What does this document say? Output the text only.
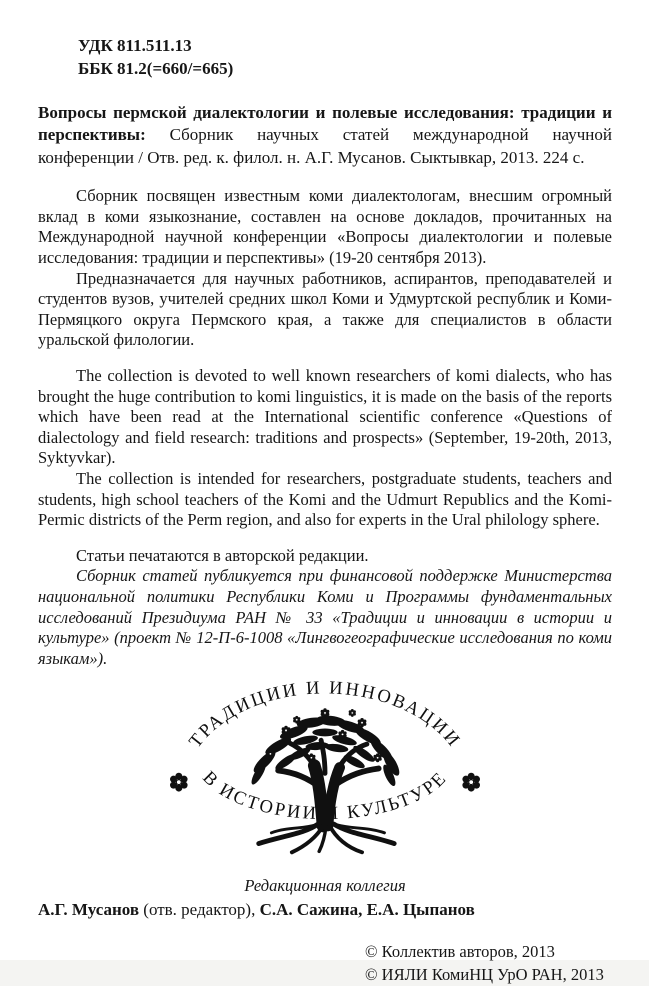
УДК 811.511.13
ББК 81.2(=660/=665)

Вопросы пермской диалектологии и полевые исследования: традиции и перспективы: Сборник научных статей международной научной конференции / Отв. ред. к. филол. н. А.Г. Мусанов. Сыктывкар, 2013. 224 с.

Сборник посвящен известным коми диалектологам, внесшим огромный вклад в коми языкознание, составлен на основе докладов, прочитанных на Международной научной конференции «Вопросы диалектологии и полевые исследования: традиции и перспективы» (19-20 сентября 2013).

Предназначается для научных работников, аспирантов, преподавателей и студентов вузов, учителей средних школ Коми и Удмуртской республик и Коми-Пермяцкого округа Пермского края, а также для специалистов в области уральской филологии.

The collection is devoted to well known researchers of komi dialects, who has brought the huge contribution to komi linguistics, it is made on the basis of the reports which have been read at the International scientific conference «Questions of dialectology and field research: traditions and prospects» (September, 19-20th, 2013, Syktyvkar).

The collection is intended for researchers, postgraduate students, teachers and students, high school teachers of the Komi and the Udmurt Republics and the Komi-Permic districts of the Perm region, and also for experts in the Ural philology sphere.

Статьи печатаются в авторской редакции.

Сборник статей публикуется при финансовой поддержке Министерства национальной политики Республики Коми и Программы фундаментальных исследований Президиума РАН № 33 «Традиции и инновации в истории и культуре» (проект № 12-П-6-1008 «Лингвогеографические исследования по коми языкам»).

ТРАДИЦИИ И ИННОВАЦИИ
В ИСТОРИИ И КУЛЬТУРЕ
Редакционная коллегия
А.Г. Мусанов (отв. редактор), С.А. Сажина, Е.А. Цыпанов
© Коллектив авторов, 2013
© ИЯЛИ КомиНЦ УрО РАН, 2013
